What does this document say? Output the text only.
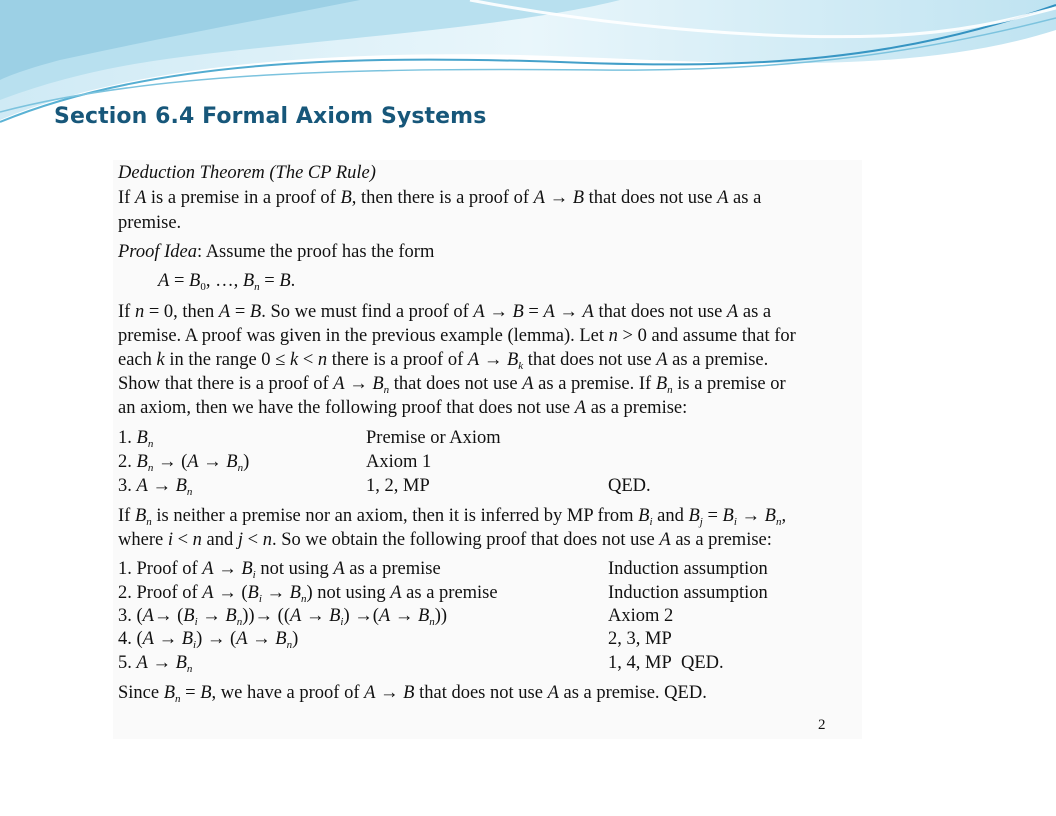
Section 6.4 Formal Axiom Systems
Deduction Theorem (The CP Rule)
If A is a premise in a proof of B, then there is a proof of A → B that does not use A as a
premise.
Proof Idea: Assume the proof has the form
$A = B_0$, …, $B_n = B$.
If n = 0, then A = B. So we must find a proof of A → B = A → A that does not use A as a
premise. A proof was given in the previous example (lemma). Let n > 0 and assume that for
each k in the range 0 ≤ k < n there is a proof of $A \to B_k$ that does not use A as a premise.
Show that there is a proof of $A \to B_n$ that does not use A as a premise. If $B_n$ is a premise or
an axiom, then we have the following proof that does not use A as a premise:
1. $B_n$	Premise or Axiom
2. $B_n \to (A \to B_n)$	Axiom 1
3. $A \to B_n$	1, 2, MP	QED.
If $B_n$ is neither a premise nor an axiom, then it is inferred by MP from $B_i$ and $B_j = B_i \to B_n$,
where i < n and j < n. So we obtain the following proof that does not use A as a premise:
1. Proof of $A \to B_i$ not using A as a premise	Induction assumption
2. Proof of $A \to (B_i \to B_n)$ not using A as a premise	Induction assumption
3. $(A\to (B_i \to B_n))\to ((A \to B_i) \to(A \to B_n))$	Axiom 2
4. $(A \to B_i) \to (A \to B_n)$	2, 3, MP
5. $A \to B_n$	1, 4, MP  QED.
Since $B_n = B$, we have a proof of A → B that does not use A as a premise. QED.
2
